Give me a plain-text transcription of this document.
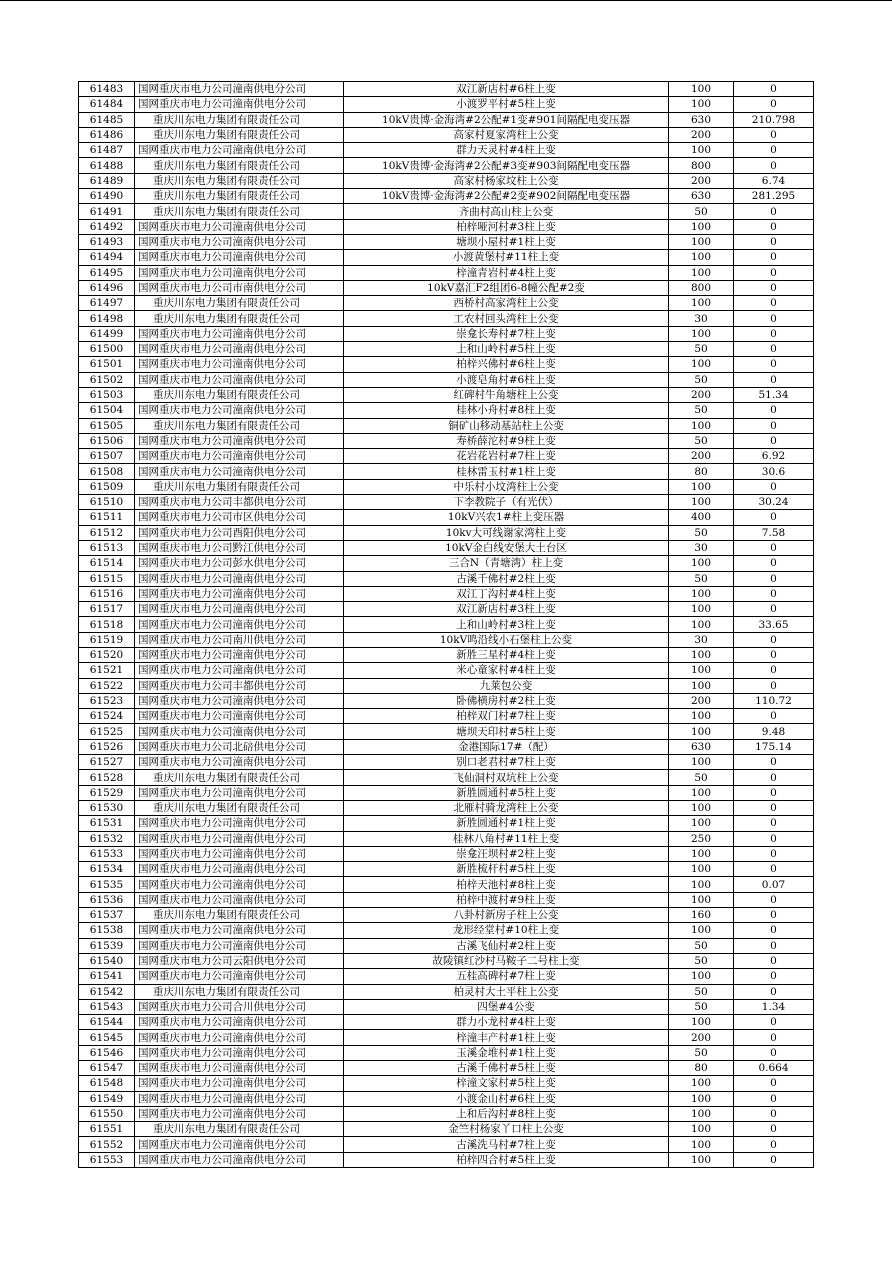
61483	国网重庆市电力公司潼南供电分公司	双江新店村#6柱上变	100	0
61484	国网重庆市电力公司潼南供电分公司	小渡罗平村#5柱上变	100	0
61485	重庆川东电力集团有限责任公司	10kV贵博·金海湾#2公配#1变#901间隔配电变压器	630	210.798
61486	重庆川东电力集团有限责任公司	高家村夏家湾柱上公变	200	0
61487	国网重庆市电力公司潼南供电分公司	群力天灵村#4柱上变	100	0
61488	重庆川东电力集团有限责任公司	10kV贵博·金海湾#2公配#3变#903间隔配电变压器	800	0
61489	重庆川东电力集团有限责任公司	高家村杨家坟柱上公变	200	6.74
61490	重庆川东电力集团有限责任公司	10kV贵博·金海湾#2公配#2变#902间隔配电变压器	630	281.295
61491	重庆川东电力集团有限责任公司	齐曲村高山柱上公变	50	0
61492	国网重庆市电力公司潼南供电分公司	柏梓哑河村#3柱上变	100	0
61493	国网重庆市电力公司潼南供电分公司	塘坝小屋村#1柱上变	100	0
61494	国网重庆市电力公司潼南供电分公司	小渡黄堡村#11柱上变	100	0
61495	国网重庆市电力公司潼南供电分公司	梓潼青岩村#4柱上变	100	0
61496	国网重庆市电力公司市南供电分公司	10kV嘉汇F2组团6-8幢公配#2变	800	0
61497	重庆川东电力集团有限责任公司	西桥村高家湾柱上公变	100	0
61498	重庆川东电力集团有限责任公司	工农村回头湾柱上公变	30	0
61499	国网重庆市电力公司潼南供电分公司	崇龛长寿村#7柱上变	100	0
61500	国网重庆市电力公司潼南供电分公司	上和山岭村#5柱上变	50	0
61501	国网重庆市电力公司潼南供电分公司	柏梓兴佛村#6柱上变	100	0
61502	国网重庆市电力公司潼南供电分公司	小渡皂角村#6柱上变	50	0
61503	重庆川东电力集团有限责任公司	红碑村牛角塘柱上公变	200	51.34
61504	国网重庆市电力公司潼南供电分公司	桂林小舟村#8柱上变	50	0
61505	重庆川东电力集团有限责任公司	铜矿山移动基站柱上公变	100	0
61506	国网重庆市电力公司潼南供电分公司	寿桥薛沱村#9柱上变	50	0
61507	国网重庆市电力公司潼南供电分公司	花岩花岩村#7柱上变	200	6.92
61508	国网重庆市电力公司潼南供电分公司	桂林雷玉村#1柱上变	80	30.6
61509	重庆川东电力集团有限责任公司	中乐村小坟湾柱上公变	100	0
61510	国网重庆市电力公司丰都供电分公司	下李教院子（有光伏）	100	30.24
61511	国网重庆市电力公司市区供电分公司	10kV兴农1#柱上变压器	400	0
61512	国网重庆市电力公司酉阳供电分公司	10kv大可线谢家湾柱上变	50	7.58
61513	国网重庆市电力公司黔江供电分公司	10kV金白线安堡大土台区	30	0
61514	国网重庆市电力公司彭水供电分公司	三合N（青塘湾）柱上变	100	0
61515	国网重庆市电力公司潼南供电分公司	古溪千佛村#2柱上变	50	0
61516	国网重庆市电力公司潼南供电分公司	双江丁沟村#4柱上变	100	0
61517	国网重庆市电力公司潼南供电分公司	双江新店村#3柱上变	100	0
61518	国网重庆市电力公司潼南供电分公司	上和山岭村#3柱上变	100	33.65
61519	国网重庆市电力公司南川供电分公司	10kV鸣沿线小石堡柱上公变	30	0
61520	国网重庆市电力公司潼南供电分公司	新胜三星村#4柱上变	100	0
61521	国网重庆市电力公司潼南供电分公司	米心童家村#4柱上变	100	0
61522	国网重庆市电力公司丰都供电分公司	九莱包公变	100	0
61523	国网重庆市电力公司潼南供电分公司	卧佛横房村#2柱上变	200	110.72
61524	国网重庆市电力公司潼南供电分公司	柏梓双门村#7柱上变	100	0
61525	国网重庆市电力公司潼南供电分公司	塘坝天印村#5柱上变	100	9.48
61526	国网重庆市电力公司北碚供电分公司	金港国际17#（配）	630	175.14
61527	国网重庆市电力公司潼南供电分公司	别口老君村#7柱上变	100	0
61528	重庆川东电力集团有限责任公司	飞仙洞村双坑柱上公变	50	0
61529	国网重庆市电力公司潼南供电分公司	新胜圆通村#5柱上变	100	0
61530	重庆川东电力集团有限责任公司	北雁村骑龙湾柱上公变	100	0
61531	国网重庆市电力公司潼南供电分公司	新胜圆通村#1柱上变	100	0
61532	国网重庆市电力公司潼南供电分公司	桂林八角村#11柱上变	250	0
61533	国网重庆市电力公司潼南供电分公司	崇龛汪坝村#2柱上变	100	0
61534	国网重庆市电力公司潼南供电分公司	新胜梳杆村#5柱上变	100	0
61535	国网重庆市电力公司潼南供电分公司	柏梓天池村#8柱上变	100	0.07
61536	国网重庆市电力公司潼南供电分公司	柏梓中渡村#9柱上变	100	0
61537	重庆川东电力集团有限责任公司	八卦村新房子柱上公变	160	0
61538	国网重庆市电力公司潼南供电分公司	龙形经堂村#10柱上变	100	0
61539	国网重庆市电力公司潼南供电分公司	古溪飞仙村#2柱上变	50	0
61540	国网重庆市电力公司云阳供电分公司	故陵镇红沙村马鞍子二号柱上变	50	0
61541	国网重庆市电力公司潼南供电分公司	五桂高碑村#7柱上变	100	0
61542	重庆川东电力集团有限责任公司	柏灵村大土平柱上公变	50	0
61543	国网重庆市电力公司合川供电分公司	四堡#4公变	50	1.34
61544	国网重庆市电力公司潼南供电分公司	群力小龙村#4柱上变	100	0
61545	国网重庆市电力公司潼南供电分公司	梓潼丰产村#1柱上变	200	0
61546	国网重庆市电力公司潼南供电分公司	玉溪金堆村#1柱上变	50	0
61547	国网重庆市电力公司潼南供电分公司	古溪千佛村#5柱上变	80	0.664
61548	国网重庆市电力公司潼南供电分公司	梓潼文家村#5柱上变	100	0
61549	国网重庆市电力公司潼南供电分公司	小渡金山村#6柱上变	100	0
61550	国网重庆市电力公司潼南供电分公司	上和后沟村#8柱上变	100	0
61551	重庆川东电力集团有限责任公司	金竺村杨家丫口柱上公变	100	0
61552	国网重庆市电力公司潼南供电分公司	古溪洗马村#7柱上变	100	0
61553	国网重庆市电力公司潼南供电分公司	柏梓四合村#5柱上变	100	0
